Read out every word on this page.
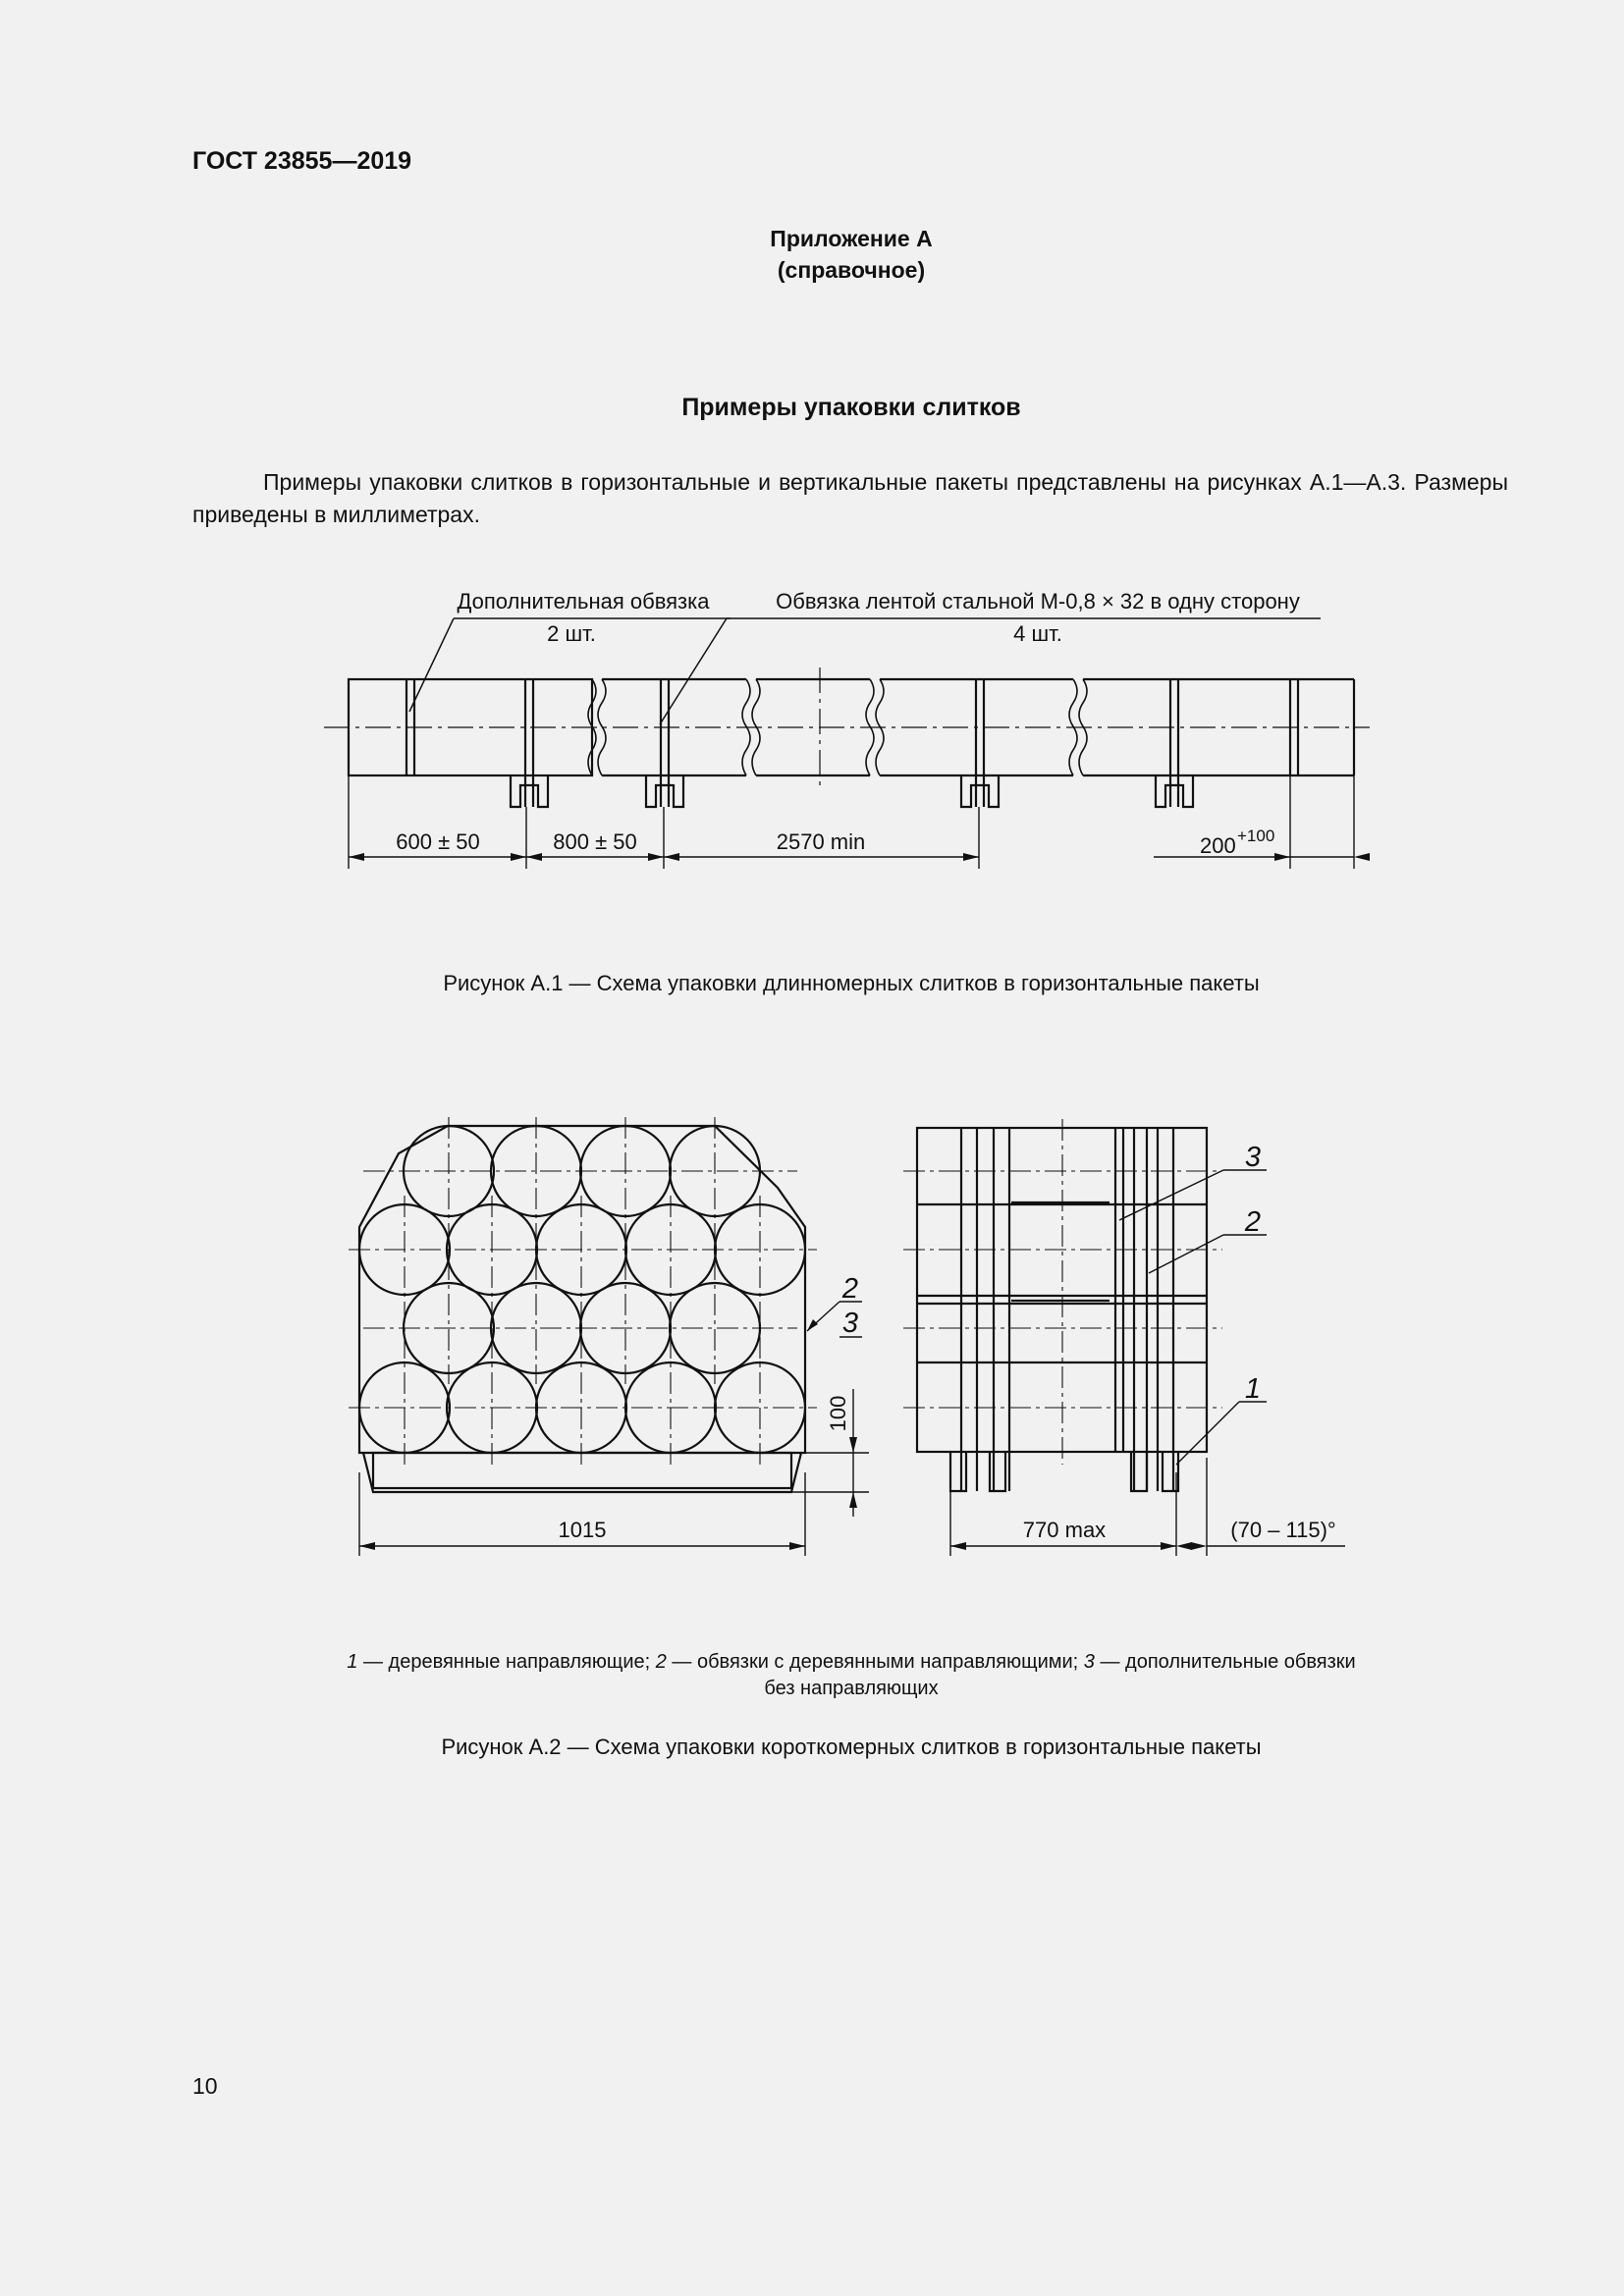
ГОСТ 23855—2019
Приложение А
(справочное)
Примеры упаковки слитков
Примеры упаковки слитков в горизонтальные и вертикальные пакеты представлены на рисунках А.1—А.3. Размеры приведены в миллиметрах.
Дополнительная обвязка
2 шт.
Обвязка лентой стальной М-0,8 × 32 в одну сторону
4 шт.
600 ± 50	800 ± 50	2570 min	200 +100
Рисунок А.1 — Схема упаковки длинномерных слитков в горизонтальные пакеты
1015
100
2
3
770 max	(70 – 115)°
3
2
1
1 — деревянные направляющие; 2 — обвязки с деревянными направляющими; 3 — дополнительные обвязки
без направляющих
Рисунок А.2 — Схема упаковки короткомерных слитков в горизонтальные пакеты
10
